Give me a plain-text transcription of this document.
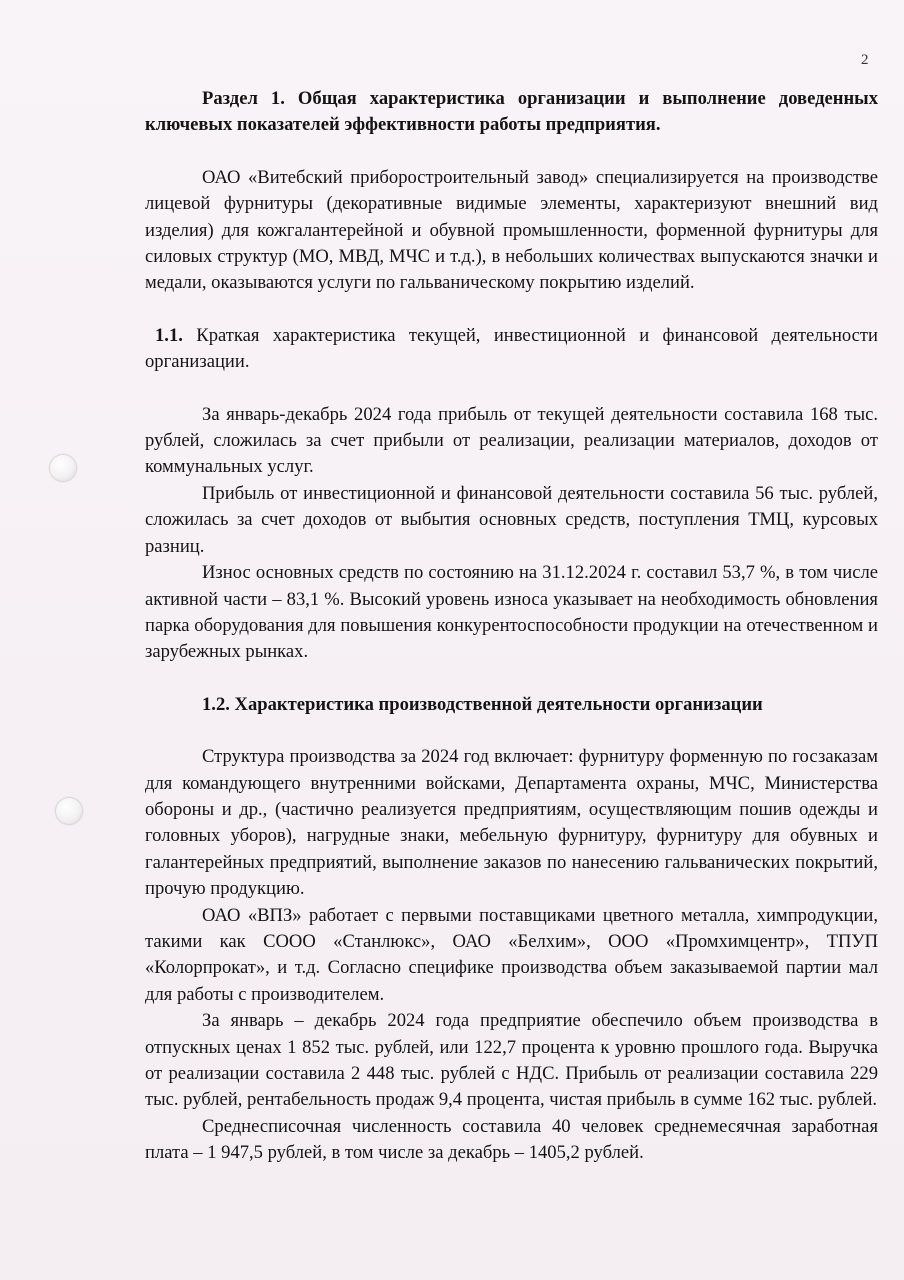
2

Раздел 1. Общая характеристика организации и выполнение доведенных ключевых показателей эффективности работы предприятия.

ОАО «Витебский приборостроительный завод» специализируется на производстве лицевой фурнитуры (декоративные видимые элементы, характеризуют внешний вид изделия) для кожгалантерейной и обувной промышленности, форменной фурнитуры для силовых структур (МО, МВД, МЧС и т.д.), в небольших количествах выпускаются значки и медали, оказываются услуги по гальваническому покрытию изделий.

1.1. Краткая характеристика текущей, инвестиционной и финансовой деятельности организации.

За январь-декабрь 2024 года прибыль от текущей деятельности составила 168 тыс. рублей, сложилась за счет прибыли от реализации, реализации материалов, доходов от коммунальных услуг.

Прибыль от инвестиционной и финансовой деятельности составила 56 тыс. рублей, сложилась за счет доходов от выбытия основных средств, поступления ТМЦ, курсовых разниц.

Износ основных средств по состоянию на 31.12.2024 г. составил 53,7 %, в том числе активной части – 83,1 %. Высокий уровень износа указывает на необходимость обновления парка оборудования для повышения конкурентоспособности продукции на отечественном и зарубежных рынках.

1.2. Характеристика производственной деятельности организации

Структура производства за 2024 год включает: фурнитуру форменную по госзаказам для командующего внутренними войсками, Департамента охраны, МЧС, Министерства обороны и др., (частично реализуется предприятиям, осуществляющим пошив одежды и головных уборов), нагрудные знаки, мебельную фурнитуру, фурнитуру для обувных и галантерейных предприятий, выполнение заказов по нанесению гальванических покрытий, прочую продукцию.

ОАО «ВПЗ» работает с первыми поставщиками цветного металла, химпродукции, такими как СООО «Станлюкс», ОАО «Белхим», ООО «Промхимцентр», ТПУП «Колорпрокат», и т.д. Согласно специфике производства объем заказываемой партии мал для работы с производителем.

За январь – декабрь 2024 года предприятие обеспечило объем производства в отпускных ценах 1 852 тыс. рублей, или 122,7 процента к уровню прошлого года. Выручка от реализации составила 2 448 тыс. рублей с НДС. Прибыль от реализации составила 229 тыс. рублей, рентабельность продаж 9,4 процента, чистая прибыль в сумме 162 тыс. рублей.

Среднесписочная численность составила 40 человек среднемесячная заработная плата – 1 947,5 рублей, в том числе за декабрь – 1405,2 рублей.
